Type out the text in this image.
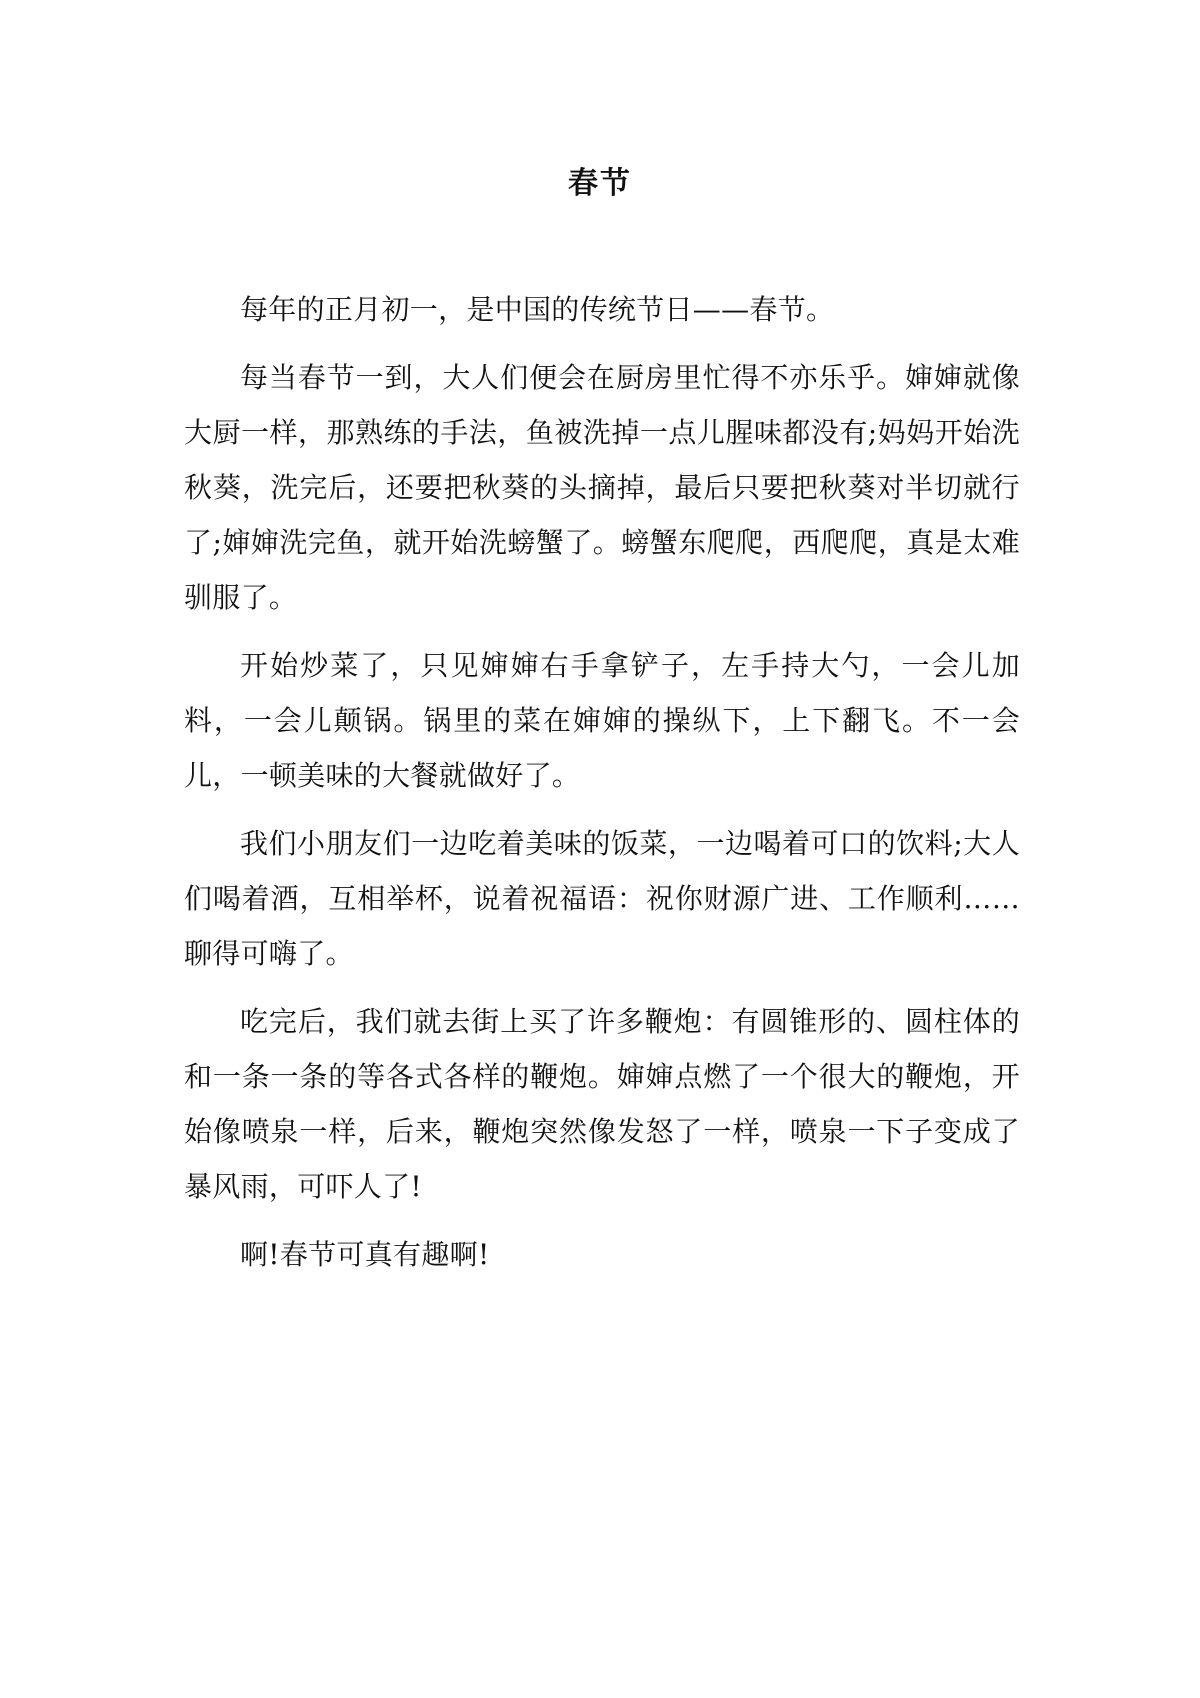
春节

每年的正月初一，是中国的传统节日——春节。

每当春节一到，大人们便会在厨房里忙得不亦乐乎。婶婶就像大厨一样，那熟练的手法，鱼被洗掉一点儿腥味都没有;妈妈开始洗秋葵，洗完后，还要把秋葵的头摘掉，最后只要把秋葵对半切就行了;婶婶洗完鱼，就开始洗螃蟹了。螃蟹东爬爬，西爬爬，真是太难驯服了。

开始炒菜了，只见婶婶右手拿铲子，左手持大勺，一会儿加料，一会儿颠锅。锅里的菜在婶婶的操纵下，上下翻飞。不一会儿，一顿美味的大餐就做好了。

我们小朋友们一边吃着美味的饭菜，一边喝着可口的饮料;大人们喝着酒，互相举杯，说着祝福语：祝你财源广进、工作顺利……聊得可嗨了。

吃完后，我们就去街上买了许多鞭炮：有圆锥形的、圆柱体的和一条一条的等各式各样的鞭炮。婶婶点燃了一个很大的鞭炮，开始像喷泉一样，后来，鞭炮突然像发怒了一样，喷泉一下子变成了暴风雨，可吓人了!

啊!春节可真有趣啊!
